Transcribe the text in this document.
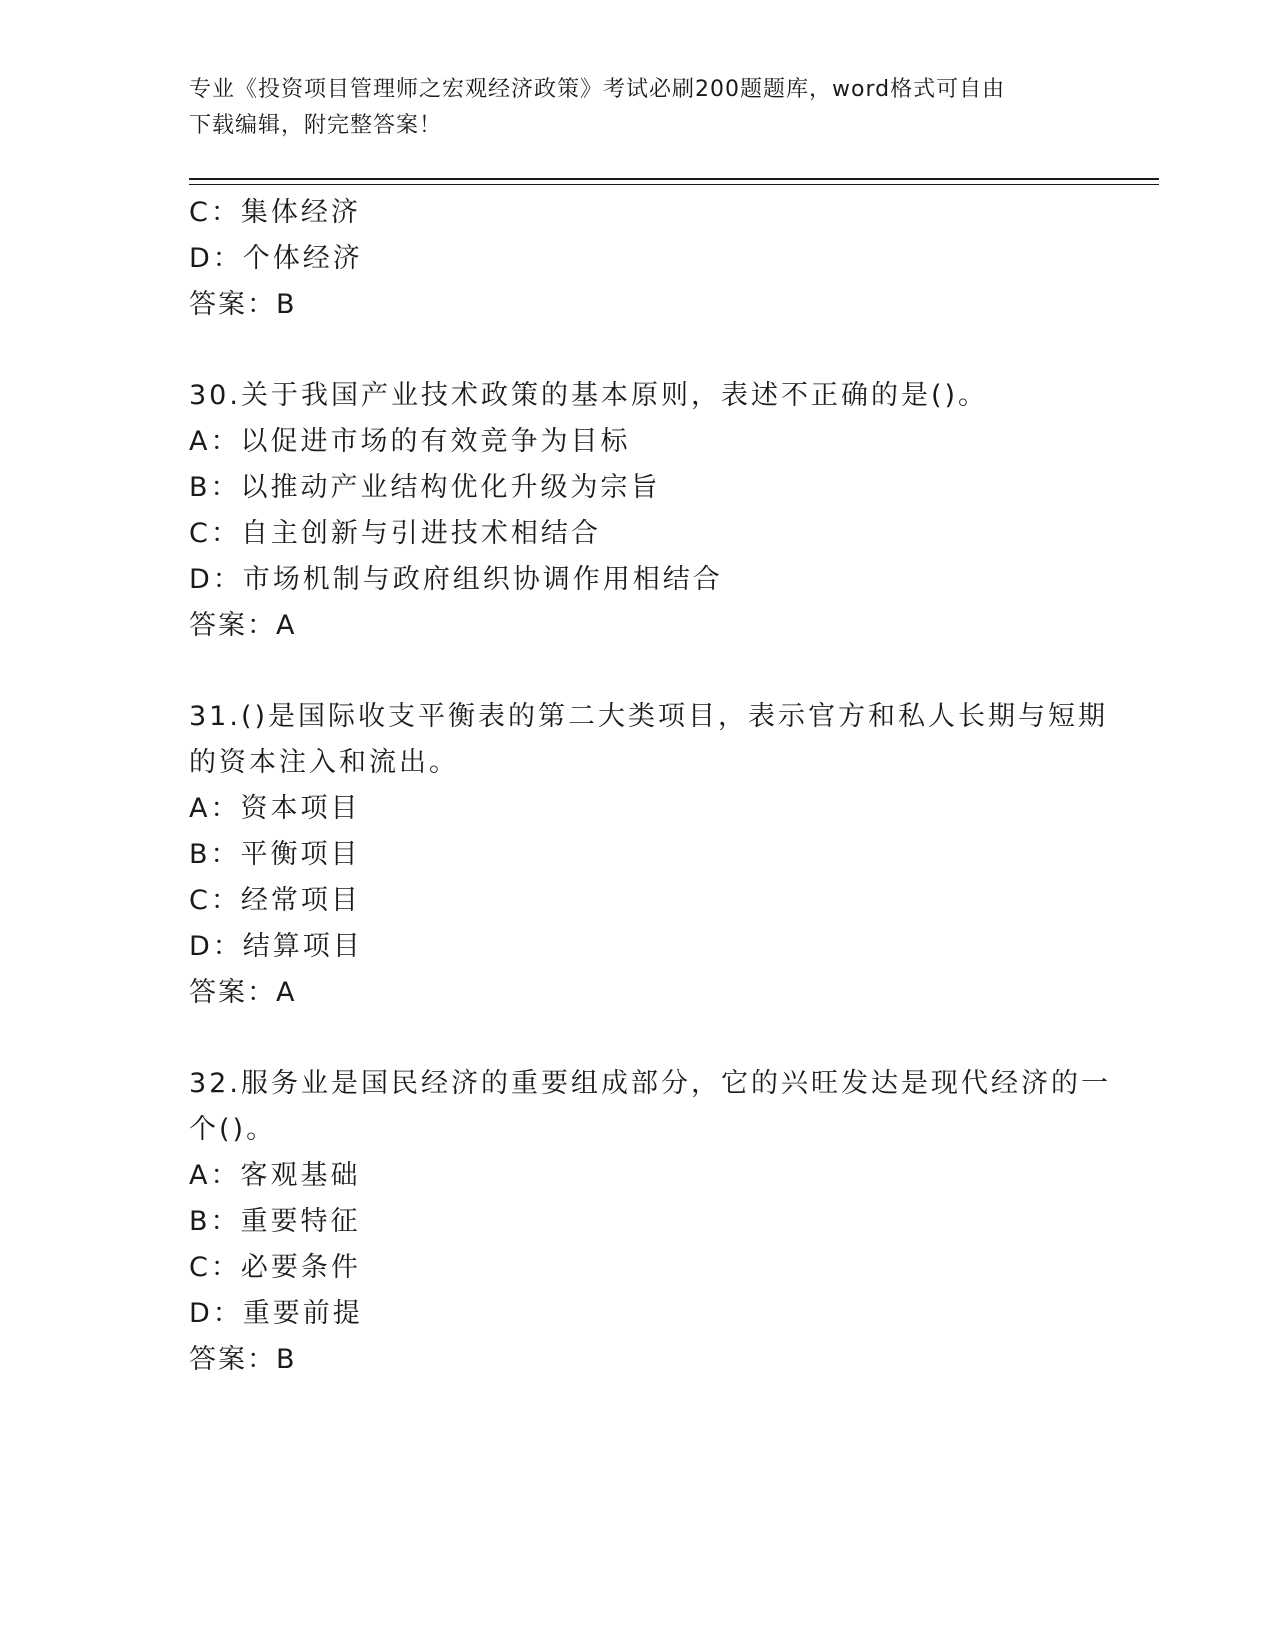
专业《投资项目管理师之宏观经济政策》考试必刷200题题库，word格式可自由
下载编辑，附完整答案！
C：集体经济
D：个体经济
答案：B
30.关于我国产业技术政策的基本原则，表述不正确的是()。
A：以促进市场的有效竞争为目标
B：以推动产业结构优化升级为宗旨
C：自主创新与引进技术相结合
D：市场机制与政府组织协调作用相结合
答案：A
31.()是国际收支平衡表的第二大类项目，表示官方和私人长期与短期
的资本注入和流出。
A：资本项目
B：平衡项目
C：经常项目
D：结算项目
答案：A
32.服务业是国民经济的重要组成部分，它的兴旺发达是现代经济的一
个()。
A：客观基础
B：重要特征
C：必要条件
D：重要前提
答案：B
